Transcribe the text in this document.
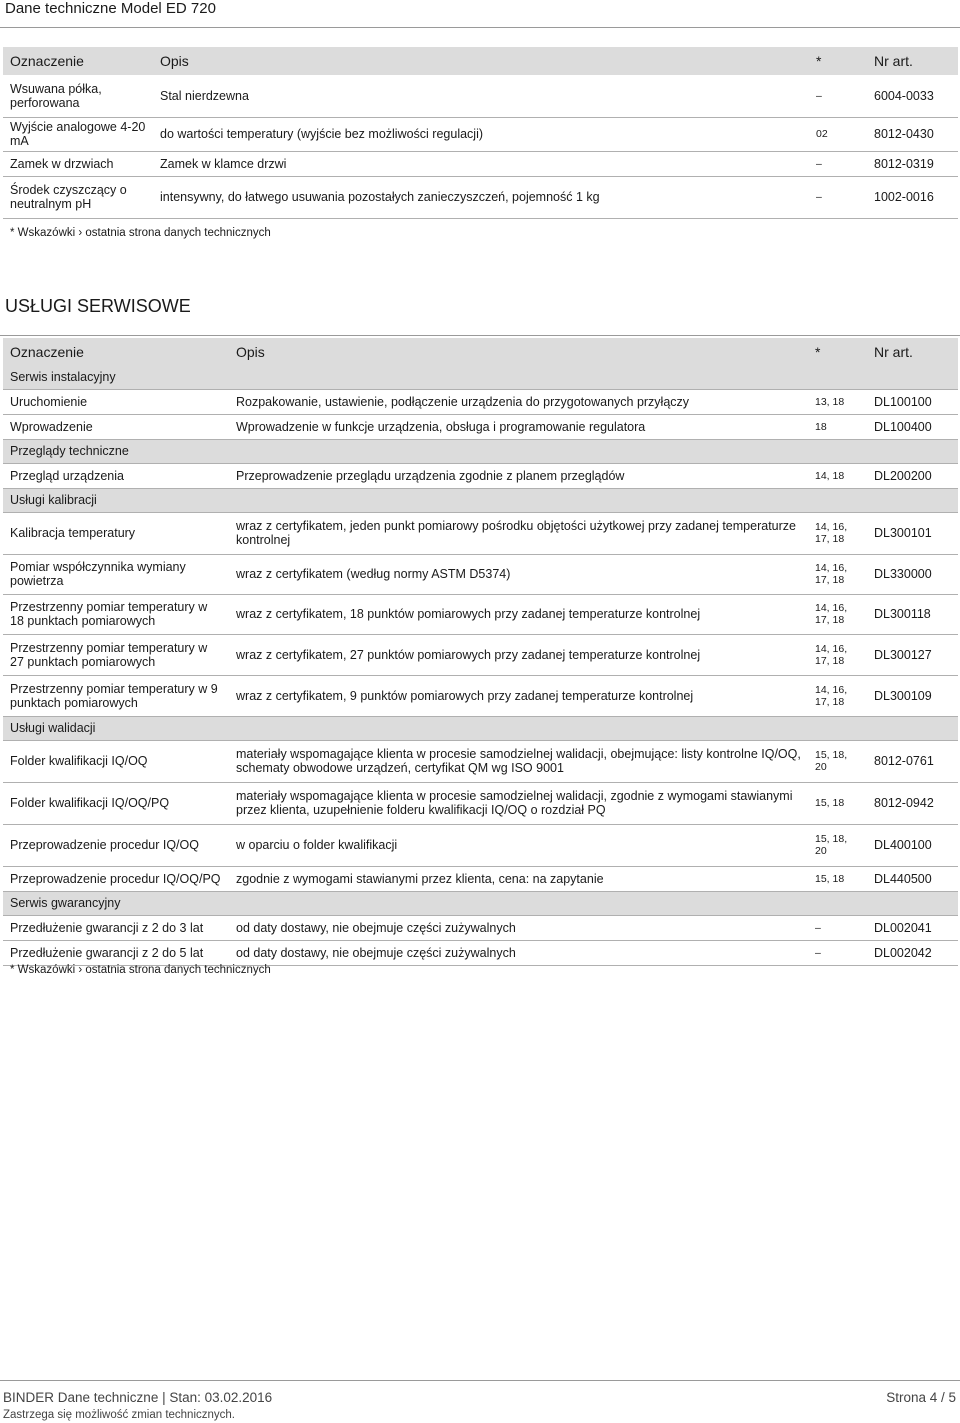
Dane techniczne Model ED 720
Oznaczenie	Opis	*	Nr art.
Wsuwana półka, perforowana	Stal nierdzewna	–	6004-0033
Wyjście analogowe 4-20 mA	do wartości temperatury (wyjście bez możliwości regulacji)	02	8012-0430
Zamek w drzwiach	Zamek w klamce drzwi	–	8012-0319
Środek czyszczący o neutralnym pH	intensywny, do łatwego usuwania pozostałych zanieczyszczeń, pojemność 1 kg	–	1002-0016
* Wskazówki › ostatnia strona danych technicznych
USŁUGI SERWISOWE
Oznaczenie	Opis	*	Nr art.
Serwis instalacyjny			
Uruchomienie	Rozpakowanie, ustawienie, podłączenie urządzenia do przygotowanych przyłączy	13, 18	DL100100
Wprowadzenie	Wprowadzenie w funkcje urządzenia, obsługa i programowanie regulatora	18	DL100400
Przeglądy techniczne			
Przegląd urządzenia	Przeprowadzenie przeglądu urządzenia zgodnie z planem przeglądów	14, 18	DL200200
Usługi kalibracji			
Kalibracja temperatury	wraz z certyfikatem, jeden punkt pomiarowy pośrodku objętości użytkowej przy zadanej temperaturze kontrolnej	14, 16, 17, 18	DL300101
Pomiar współczynnika wymiany powietrza	wraz z certyfikatem (według normy ASTM D5374)	14, 16, 17, 18	DL330000
Przestrzenny pomiar temperatury w 18 punktach pomiarowych	wraz z certyfikatem, 18 punktów pomiarowych przy zadanej temperaturze kontrolnej	14, 16, 17, 18	DL300118
Przestrzenny pomiar temperatury w 27 punktach pomiarowych	wraz z certyfikatem, 27 punktów pomiarowych przy zadanej temperaturze kontrolnej	14, 16, 17, 18	DL300127
Przestrzenny pomiar temperatury w 9 punktach pomiarowych	wraz z certyfikatem, 9 punktów pomiarowych przy zadanej temperaturze kontrolnej	14, 16, 17, 18	DL300109
Usługi walidacji			
Folder kwalifikacji IQ/OQ	materiały wspomagające klienta w procesie samodzielnej walidacji, obejmujące: listy kontrolne IQ/OQ, schematy obwodowe urządzeń, certyfikat QM wg ISO 9001	15, 18, 20	8012-0761
Folder kwalifikacji IQ/OQ/PQ	materiały wspomagające klienta w procesie samodzielnej walidacji, zgodnie z wymogami stawianymi przez klienta, uzupełnienie folderu kwalifikacji IQ/OQ o rozdział PQ	15, 18	8012-0942
Przeprowadzenie procedur IQ/OQ	w oparciu o folder kwalifikacji	15, 18, 20	DL400100
Przeprowadzenie procedur IQ/OQ/PQ	zgodnie z wymogami stawianymi przez klienta, cena: na zapytanie	15, 18	DL440500
Serwis gwarancyjny			
Przedłużenie gwarancji z 2 do 3 lat	od daty dostawy, nie obejmuje części zużywalnych	–	DL002041
Przedłużenie gwarancji z 2 do 5 lat	od daty dostawy, nie obejmuje części zużywalnych	–	DL002042
* Wskazówki › ostatnia strona danych technicznych
BINDER Dane techniczne | Stan: 03.02.2016	Strona 4 / 5
Zastrzega się możliwość zmian technicznych.
